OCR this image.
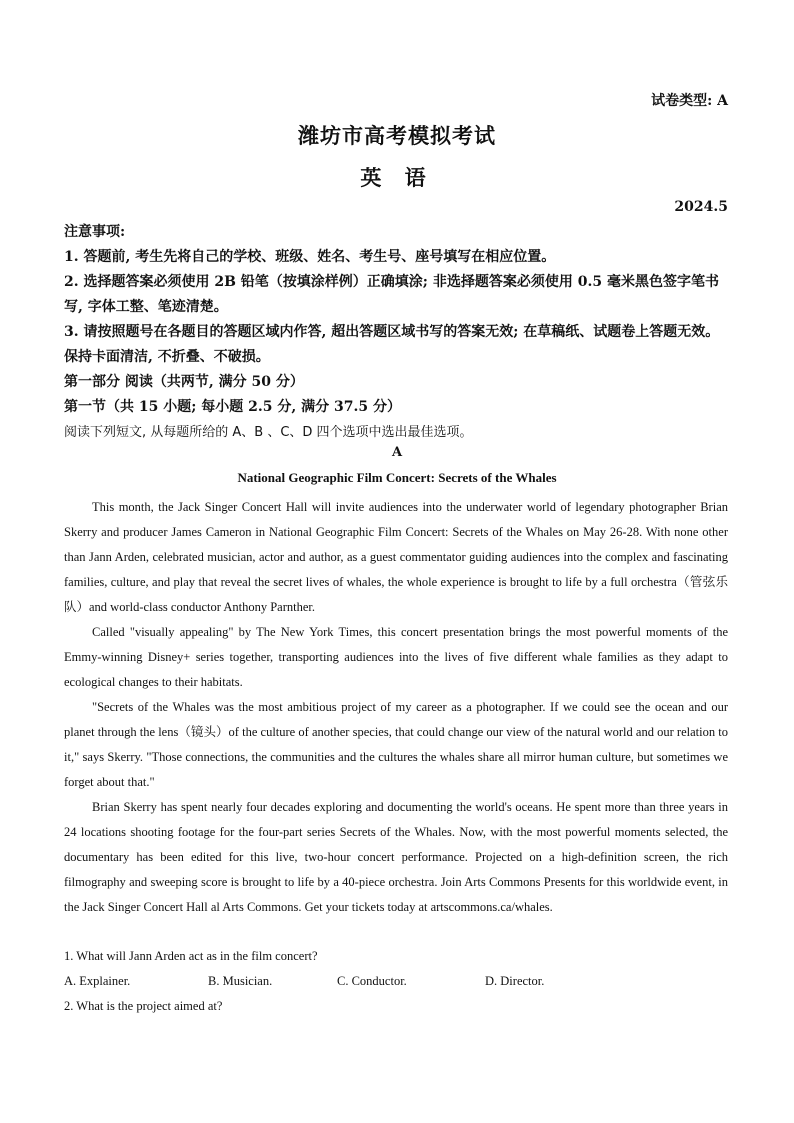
试卷类型: A
潍坊市高考模拟考试
英 语
2024.5

注意事项:

1. 答题前, 考生先将自己的学校、班级、姓名、考生号、座号填写在相应位置。

2. 选择题答案必须使用 2B 铅笔（按填涂样例）正确填涂; 非选择题答案必须使用 0.5 毫米黑色签字笔书写, 字体工整、笔迹清楚。

3. 请按照题号在各题目的答题区域内作答, 超出答题区域书写的答案无效; 在草稿纸、试题卷上答题无效。保持卡面清洁, 不折叠、不破损。

第一部分 阅读（共两节, 满分 50 分）

第一节（共 15 小题; 每小题 2.5 分, 满分 37.5 分）

阅读下列短文, 从每题所给的 A、B 、C、D 四个选项中选出最佳选项。
A
National Geographic Film Concert: Secrets of the Whales

This month, the Jack Singer Concert Hall will invite audiences into the underwater world of legendary photographer Brian Skerry and producer James Cameron in National Geographic Film Concert: Secrets of the Whales on May 26-28. With none other than Jann Arden, celebrated musician, actor and author, as a guest commentator guiding audiences into the complex and fascinating families, culture, and play that reveal the secret lives of whales, the whole experience is brought to life by a full orchestra（管弦乐队）and world-class conductor Anthony Parnther.

Called "visually appealing" by The New York Times, this concert presentation brings the most powerful moments of the Emmy-winning Disney+ series together, transporting audiences into the lives of five different whale families as they adapt to ecological changes to their habitats.

"Secrets of the Whales was the most ambitious project of my career as a photographer. If we could see the ocean and our planet through the lens（镜头）of the culture of another species, that could change our view of the natural world and our relation to it," says Skerry. "Those connections, the communities and the cultures the whales share all mirror human culture, but sometimes we forget about that."

Brian Skerry has spent nearly four decades exploring and documenting the world's oceans. He spent more than three years in 24 locations shooting footage for the four-part series Secrets of the Whales. Now, with the most powerful moments selected, the documentary has been edited for this live, two-hour concert performance. Projected on a high-definition screen, the rich filmography and sweeping score is brought to life by a 40-piece orchestra. Join Arts Commons Presents for this worldwide event, in the Jack Singer Concert Hall al Arts Commons. Get your tickets today at artscommons.ca/whales.

1. What will Jann Arden act as in the film concert?

A. Explainer.	B. Musician.	C. Conductor.	D. Director.

2. What is the project aimed at?
